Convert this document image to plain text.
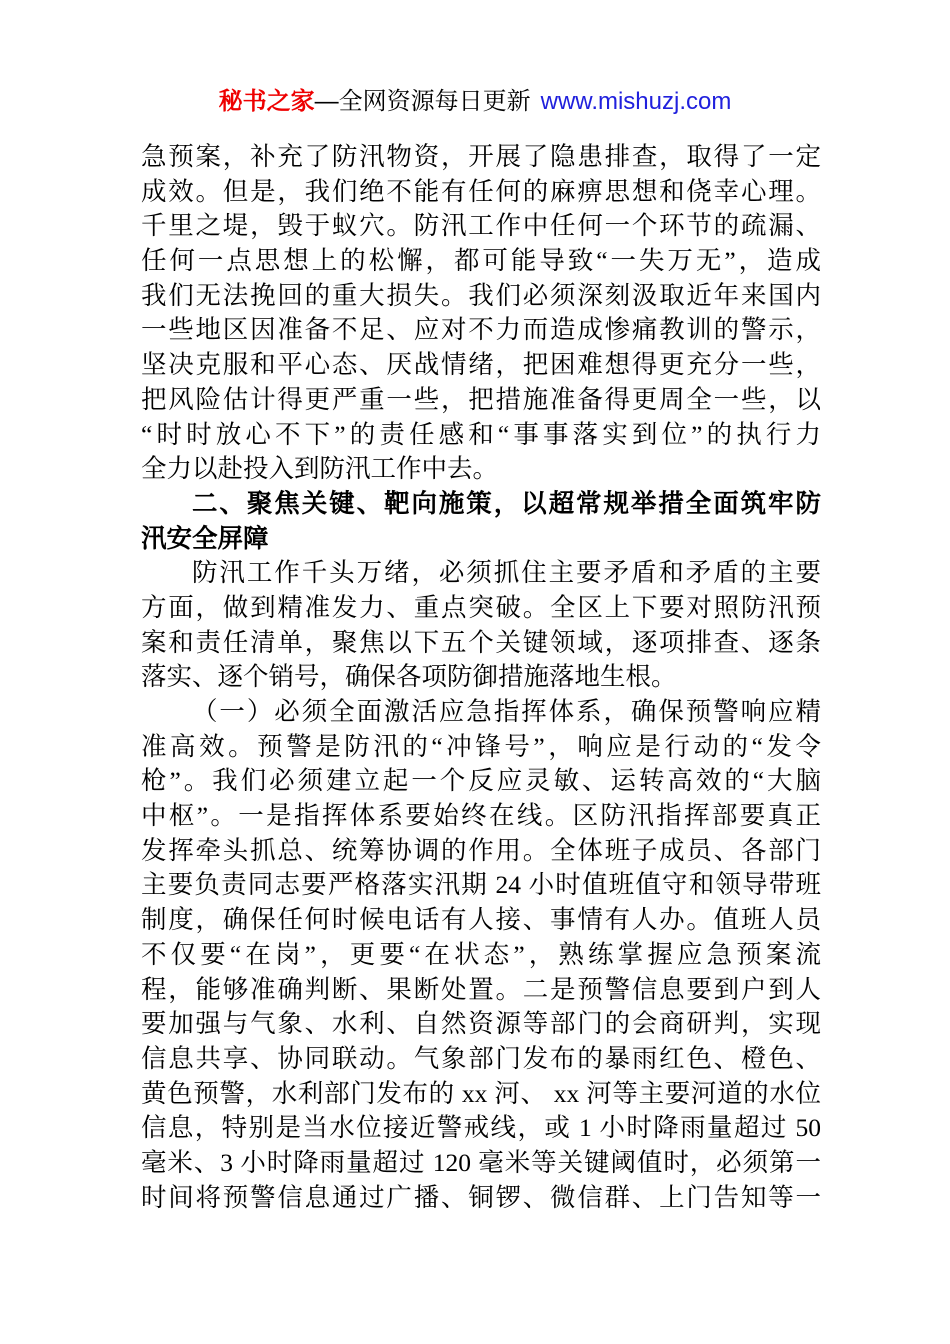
秘书之家—全网资源每日更新 www.mishuzj.com
急预案，补充了防汛物资，开展了隐患排查，取得了一定
成效。但是，我们绝不能有任何的麻痹思想和侥幸心理。
千里之堤，毁于蚁穴。防汛工作中任何一个环节的疏漏、
任何一点思想上的松懈，都可能导致“一失万无”，造成
我们无法挽回的重大损失。我们必须深刻汲取近年来国内
一些地区因准备不足、应对不力而造成惨痛教训的警示，
坚决克服和平心态、厌战情绪，把困难想得更充分一些，
把风险估计得更严重一些，把措施准备得更周全一些，以
“时时放心不下”的责任感和“事事落实到位”的执行力
全力以赴投入到防汛工作中去。
二、聚焦关键、靶向施策，以超常规举措全面筑牢防
汛安全屏障
防汛工作千头万绪，必须抓住主要矛盾和矛盾的主要
方面，做到精准发力、重点突破。全区上下要对照防汛预
案和责任清单，聚焦以下五个关键领域，逐项排查、逐条
落实、逐个销号，确保各项防御措施落地生根。
（一）必须全面激活应急指挥体系，确保预警响应精
准高效。预警是防汛的“冲锋号”，响应是行动的“发令
枪”。我们必须建立起一个反应灵敏、运转高效的“大脑
中枢”。一是指挥体系要始终在线。区防汛指挥部要真正
发挥牵头抓总、统筹协调的作用。全体班子成员、各部门
主要负责同志要严格落实汛期 24 小时值班值守和领导带班
制度，确保任何时候电话有人接、事情有人办。值班人员
不仅要“在岗”，更要“在状态”，熟练掌握应急预案流
程，能够准确判断、果断处置。二是预警信息要到户到人
要加强与气象、水利、自然资源等部门的会商研判，实现
信息共享、协同联动。气象部门发布的暴雨红色、橙色、
黄色预警，水利部门发布的 xx 河、 xx 河等主要河道的水位
信息，特别是当水位接近警戒线，或 1 小时降雨量超过 50
毫米、3 小时降雨量超过 120 毫米等关键阈值时，必须第一
时间将预警信息通过广播、铜锣、微信群、上门告知等一
